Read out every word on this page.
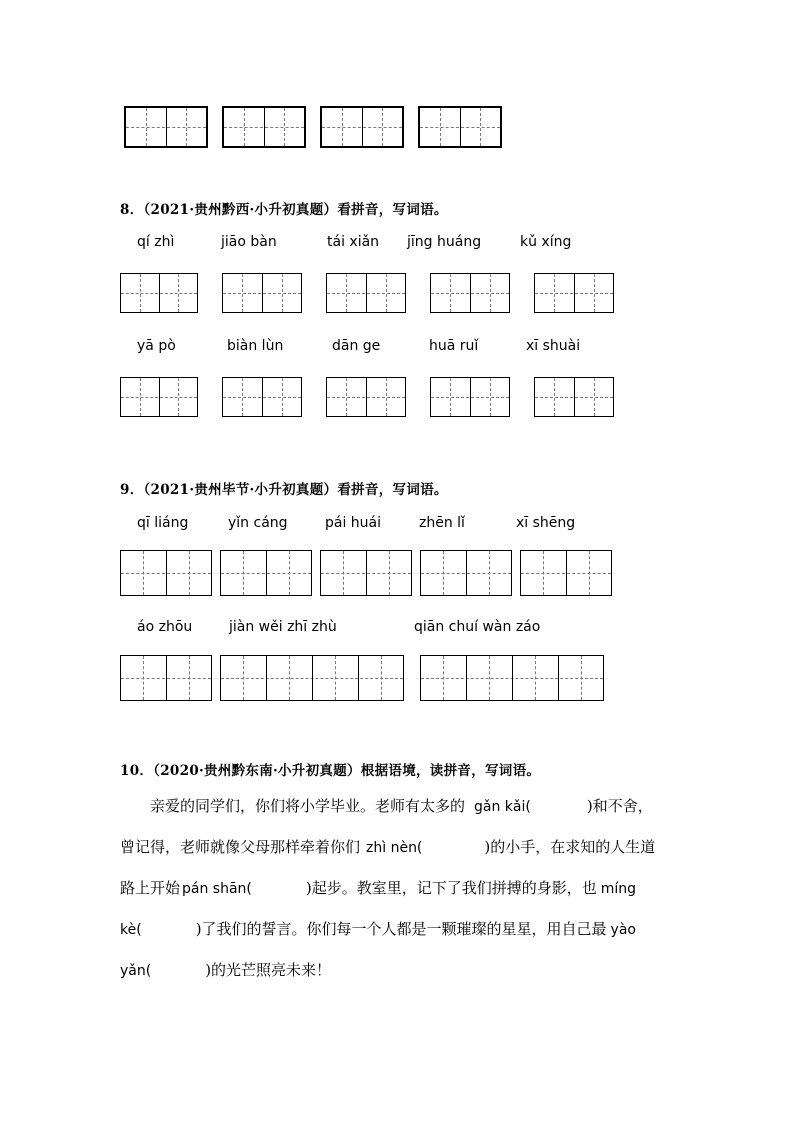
8．（2021·贵州黔西·小升初真题）看拼音，写词语。
qí zhì	jiāo bàn	tái xiǎn jīng huáng	kǔ xíng
yā pò	biàn lùn	dān ge	huā ruǐ	xī shuài
9．（2021·贵州毕节·小升初真题）看拼音，写词语。
qī liáng	yǐn cáng	pái huái	zhēn lǐ	xī shēng
áo zhōu	jiàn wěi zhī zhù	qiān chuí wàn záo
10．（2020·贵州黔东南·小升初真题）根据语境，读拼音，写词语。
亲爱的同学们，你们将小学毕业。老师有太多的 gǎn kǎi(	)和不舍，
曾记得，老师就像父母那样牵着你们 zhì nèn(	)的小手，在求知的人生道
路上开始 pán shān(	)起步。教室里，记下了我们拼搏的身影，也 míng
kè(	)了我们的誓言。你们每一个人都是一颗璀璨的星星，用自己最 yào
yǎn(	)的光芒照亮未来！
